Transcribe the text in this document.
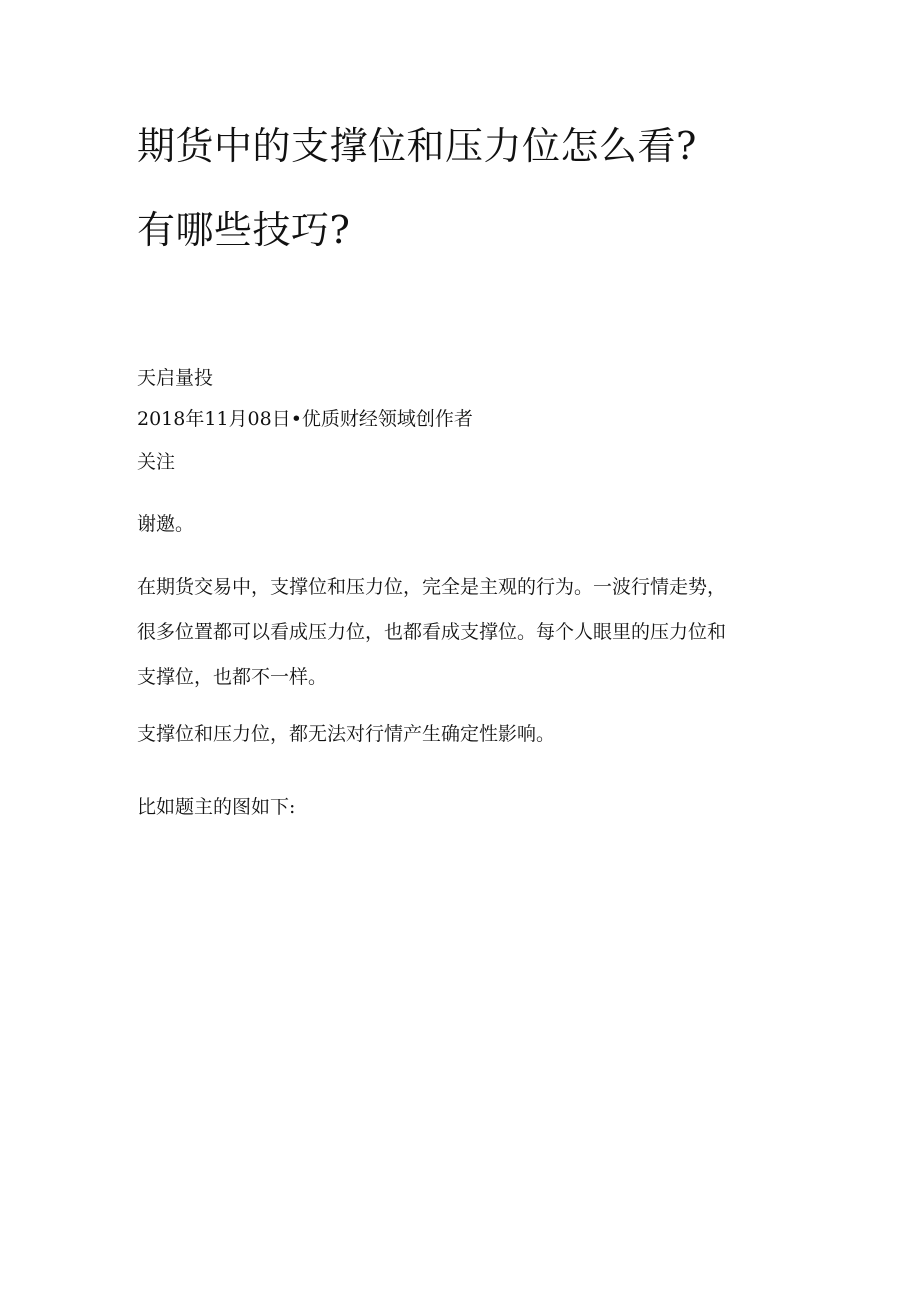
期货中的支撑位和压力位怎么看?
有哪些技巧?
天启量投
2018年11月08日•优质财经领域创作者
关注

谢邀。

在期货交易中，支撑位和压力位，完全是主观的行为。一波行情走势，
很多位置都可以看成压力位，也都看成支撑位。每个人眼里的压力位和
支撑位，也都不一样。

支撑位和压力位，都无法对行情产生确定性影响。

比如题主的图如下:
